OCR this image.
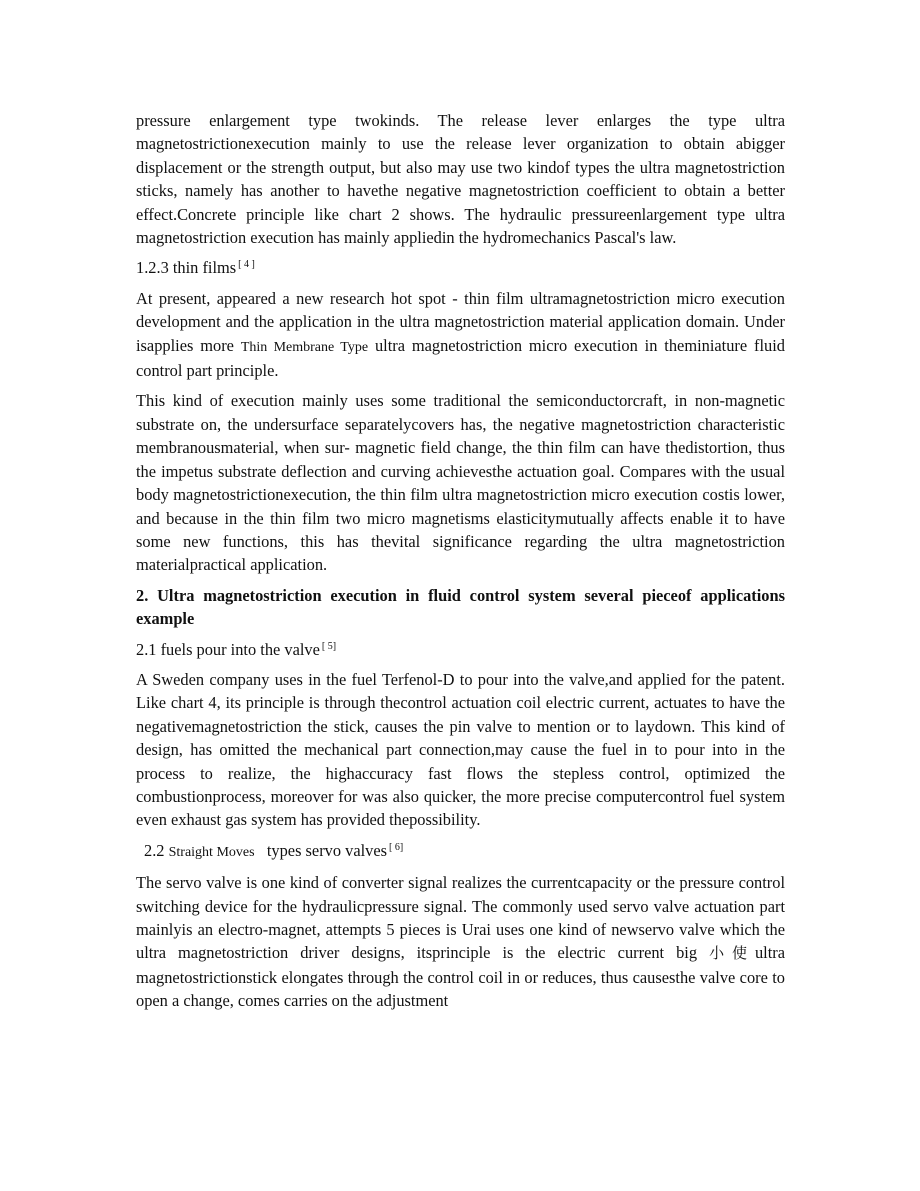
pressure enlargement type twokinds. The release lever enlarges the type ultra magnetostrictionexecution mainly to use the release lever organization to obtain abigger displacement or the strength output, but also may use two kindof types the ultra magnetostriction sticks, namely has another to havethe negative magnetostriction coefficient to obtain a better effect.Concrete principle like chart 2 shows. The hydraulic pressureenlargement type ultra magnetostriction execution has mainly appliedin the hydromechanics Pascal's law.

1.2.3 thin films [ 4 ]

At present, appeared a new research hot spot - thin film ultramagnetostriction micro execution development and the application in the ultra magnetostriction material application domain. Under isapplies more Thin Membrane Type ultra magnetostriction micro execution in theminiature fluid control part principle.

This kind of execution mainly uses some traditional the semiconductorcraft, in non-magnetic substrate on, the undersurface separatelycovers has, the negative magnetostriction characteristic membranousmaterial, when sur- magnetic field change, the thin film can have thedistortion, thus the impetus substrate deflection and curving achievesthe actuation goal. Compares with the usual body magnetostrictionexecution, the thin film ultra magnetostriction micro execution costis lower, and because in the thin film two micro magnetisms elasticitymutually affects enable it to have some new functions, this has thevital significance regarding the ultra magnetostriction materialpractical application.

2. Ultra magnetostriction execution in fluid control system several pieceof applications example

2.1 fuels pour into the valve [ 5]

A Sweden company uses in the fuel Terfenol-D to pour into the valve,and applied for the patent. Like chart 4, its principle is through thecontrol actuation coil electric current, actuates to have the negativemagnetostriction the stick, causes the pin valve to mention or to laydown. This kind of design, has omitted the mechanical part connection,may cause the fuel in to pour into in the process to realize, the highaccuracy fast flows the stepless control, optimized the combustionprocess, moreover for was also quicker, the more precise computercontrol fuel system even exhaust gas system has provided thepossibility.

2.2 Straight Moves types servo valves [ 6]

The servo valve is one kind of converter signal realizes the currentcapacity or the pressure control switching device for the hydraulicpressure signal. The commonly used servo valve actuation part mainlyis an electro-magnet, attempts 5 pieces is Urai uses one kind of newservo valve which the ultra magnetostriction driver designs, itsprinciple is the electric current big 小使ultra magnetostrictionstick elongates through the control coil in or reduces, thus causesthe valve core to open a change, comes carries on the adjustment
